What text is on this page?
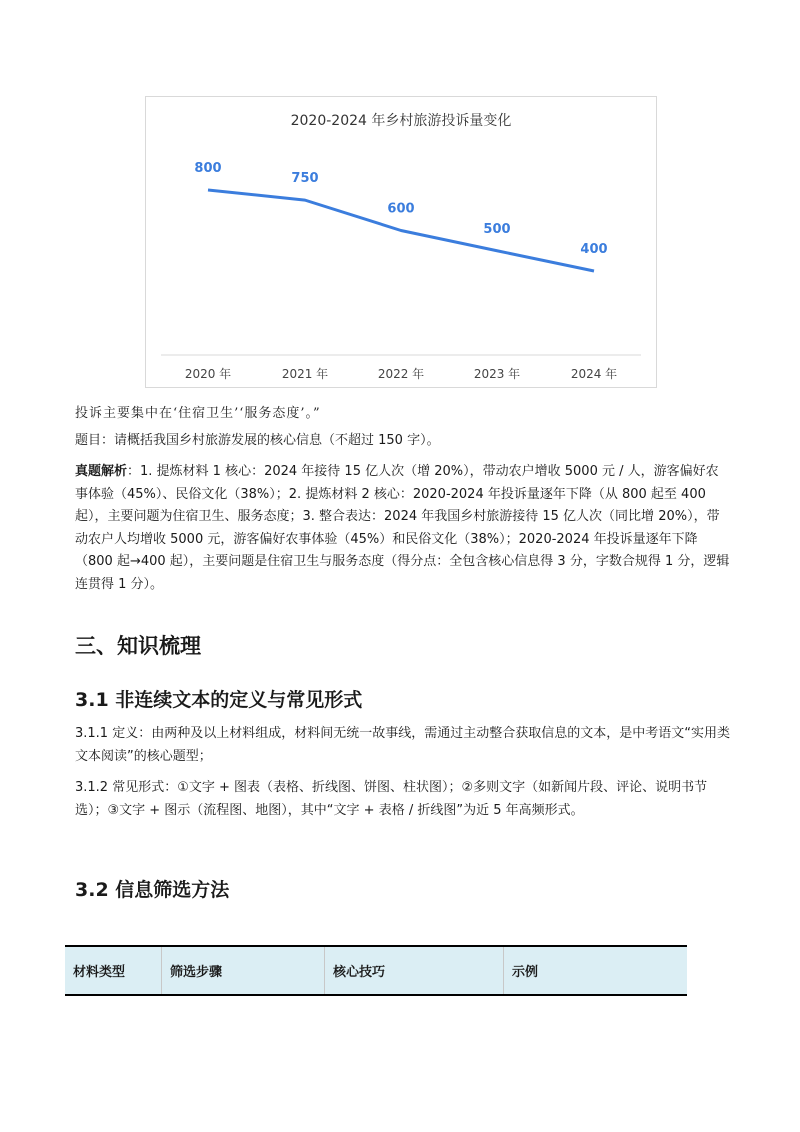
2020-2024 年乡村旅游投诉量变化
800
2020 年
750
2021 年
600
2022 年
500
2023 年
400
2024 年
投诉主要集中在‘住宿卫生’‘服务态度’。”
题目：请概括我国乡村旅游发展的核心信息（不超过 150 字）。
真题解析：1. 提炼材料 1 核心：2024 年接待 15 亿人次（增 20%），带动农户增收 5000 元 / 人，游客偏好农事体验（45%）、民俗文化（38%）；2. 提炼材料 2 核心：2020-2024 年投诉量逐年下降（从 800 起至 400 起），主要问题为住宿卫生、服务态度；3. 整合表达：2024 年我国乡村旅游接待 15 亿人次（同比增 20%），带动农户人均增收 5000 元，游客偏好农事体验（45%）和民俗文化（38%）；2020-2024 年投诉量逐年下降（800 起→400 起），主要问题是住宿卫生与服务态度（得分点：全包含核心信息得 3 分，字数合规得 1 分，逻辑连贯得 1 分）。
三、知识梳理
3.1 非连续文本的定义与常见形式
3.1.1 定义：由两种及以上材料组成，材料间无统一故事线，需通过主动整合获取信息的文本，是中考语文“实用类文本阅读”的核心题型；
3.1.2 常见形式：①文字 + 图表（表格、折线图、饼图、柱状图）；②多则文字（如新闻片段、评论、说明书节选）；③文字 + 图示（流程图、地图），其中“文字 + 表格 / 折线图”为近 5 年高频形式。
3.2 信息筛选方法
材料类型	筛选步骤	核心技巧	示例
